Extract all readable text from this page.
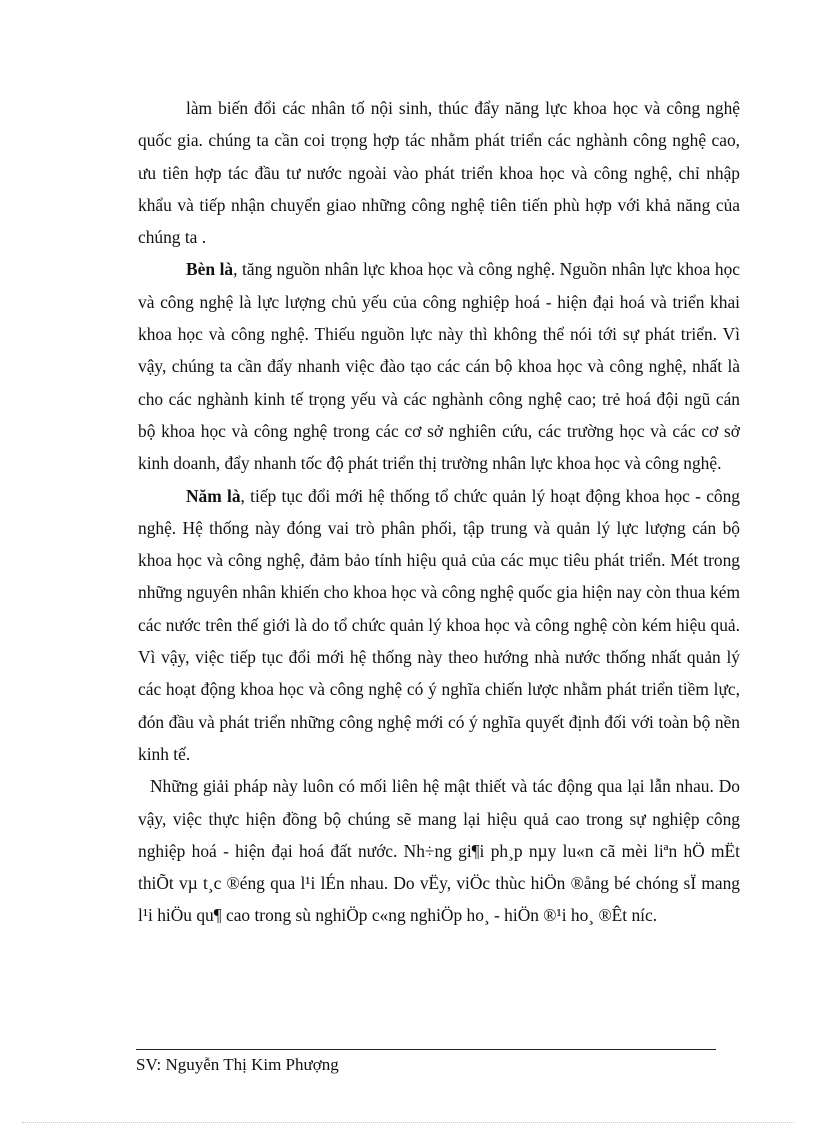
làm biến đổi các nhân tố nội sinh, thúc đẩy năng lực khoa học và công nghệ quốc gia. chúng ta cần coi trọng hợp tác nhằm phát triển các nghành công nghệ cao, ưu tiên hợp tác đầu tư nước ngoài vào phát triển khoa học và công nghệ, chỉ nhập khẩu và tiếp nhận chuyển giao những công nghệ tiên tiến phù hợp với khả năng của chúng ta .

Bèn là, tăng nguồn nhân lực khoa học và công nghệ. Nguồn nhân lực khoa học và công nghệ là lực lượng chủ yếu của công nghiệp hoá - hiện đại hoá và triển khai khoa học và công nghệ. Thiếu nguồn lực này thì không thể nói tới sự phát triển. Vì vậy, chúng ta cần đẩy nhanh việc đào tạo các cán bộ khoa học và công nghệ, nhất là cho các nghành kinh tế trọng yếu và các nghành công nghệ cao; trẻ hoá đội ngũ cán bộ khoa học và công nghệ trong các cơ sở nghiên cứu, các trường học và các cơ sở kinh doanh, đẩy nhanh tốc độ phát triển thị trường nhân lực khoa học và công nghệ.

Năm là, tiếp tục đổi mới hệ thống tổ chức quản lý hoạt động khoa học - công nghệ. Hệ thống này đóng vai trò phân phối, tập trung và quản lý lực lượng cán bộ khoa học và công nghệ, đảm bảo tính hiệu quả của các mục tiêu phát triển. Mét trong những nguyên nhân khiến cho khoa học và công nghệ quốc gia hiện nay còn thua kém các nước trên thế giới là do tổ chức quản lý khoa học và công nghệ còn kém hiệu quả. Vì vậy, việc tiếp tục đổi mới hệ thống này theo hướng nhà nước thống nhất quản lý các hoạt động khoa học và công nghệ có ý nghĩa chiến lược nhằm phát triển tiềm lực, đón đầu và phát triển những công nghệ mới có ý nghĩa quyết định đối với toàn bộ nền kinh tế.

Những giải pháp này luôn có mối liên hệ mật thiết và tác động qua lại lẫn nhau. Do vậy, việc thực hiện đồng bộ chúng sẽ mang lại hiệu quả cao trong sự nghiệp công nghiệp hoá - hiện đại hoá đất nước. Nh÷ng gi¶i ph¸p nµy lu«n cã mèi liªn hÖ mËt thiÕt vµ t¸c ®éng qua l¹i lÉn nhau. Do vËy, viÖc thùc hiÖn ®ång bé chóng sÏ mang l¹i hiÖu qu¶ cao trong sù nghiÖp c«ng nghiÖp ho¸ - hiÖn ®¹i ho¸ ®Êt níc.

SV: Nguyễn Thị Kim Phượng
